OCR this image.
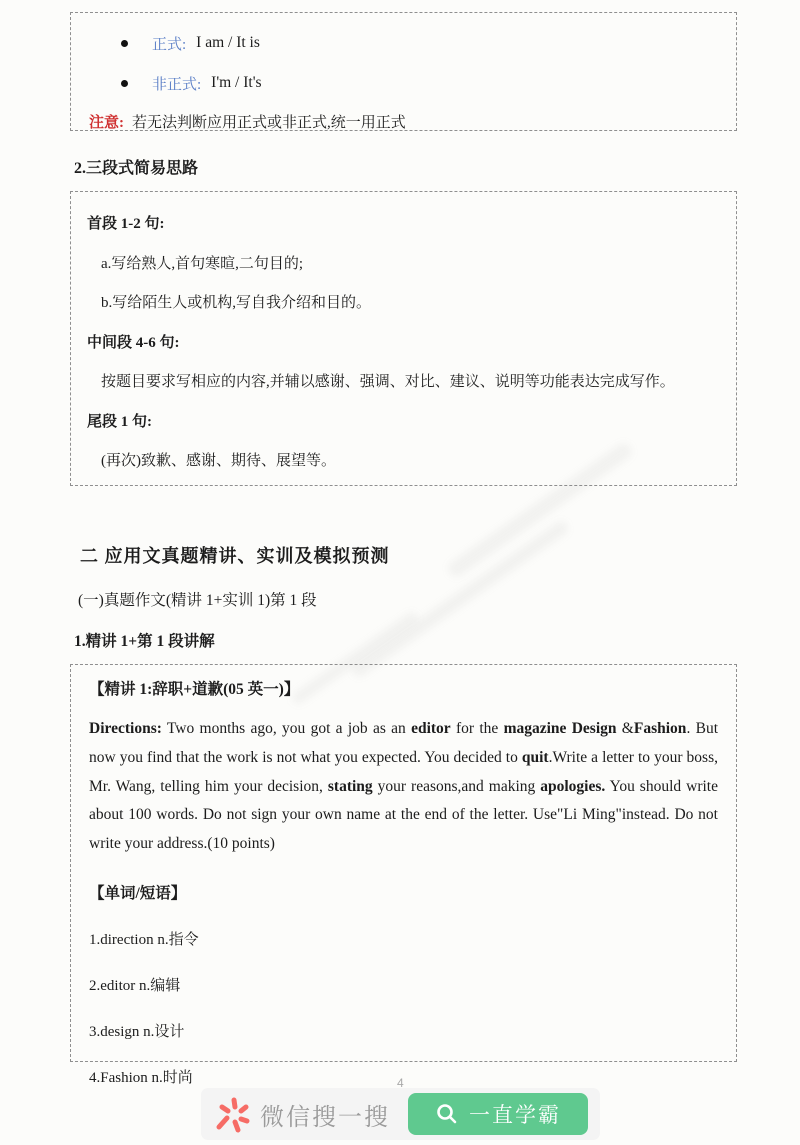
正式: I am / It is
非正式: I'm / It's
注意: 若无法判断应用正式或非正式,统一用正式
2.三段式简易思路

首段 1-2 句:

a.写给熟人,首句寒暄,二句目的;

b.写给陌生人或机构,写自我介绍和目的。

中间段 4-6 句:

按题目要求写相应的内容,并辅以感谢、强调、对比、建议、说明等功能表达完成写作。

尾段 1 句:

(再次)致歉、感谢、期待、展望等。

二 应用文真题精讲、实训及模拟预测
(一)真题作文(精讲 1+实训 1)第 1 段
1.精讲 1+第 1 段讲解
【精讲 1:辞职+道歉(05 英一)】
Directions: Two months ago, you got a job as an editor for the magazine Design &Fashion. But now you find that the work is not what you expected. You decided to quit.Write a letter to your boss, Mr. Wang, telling him your decision, stating your reasons,and making apologies. You should write about 100 words. Do not sign your own name at the end of the letter. Use"Li Ming"instead. Do not write your address.(10 points)
【单词/短语】
1.direction n.指令
2.editor n.编辑
3.design n.设计
4.Fashion n.时尚	4
微信搜一搜	一直学霸
